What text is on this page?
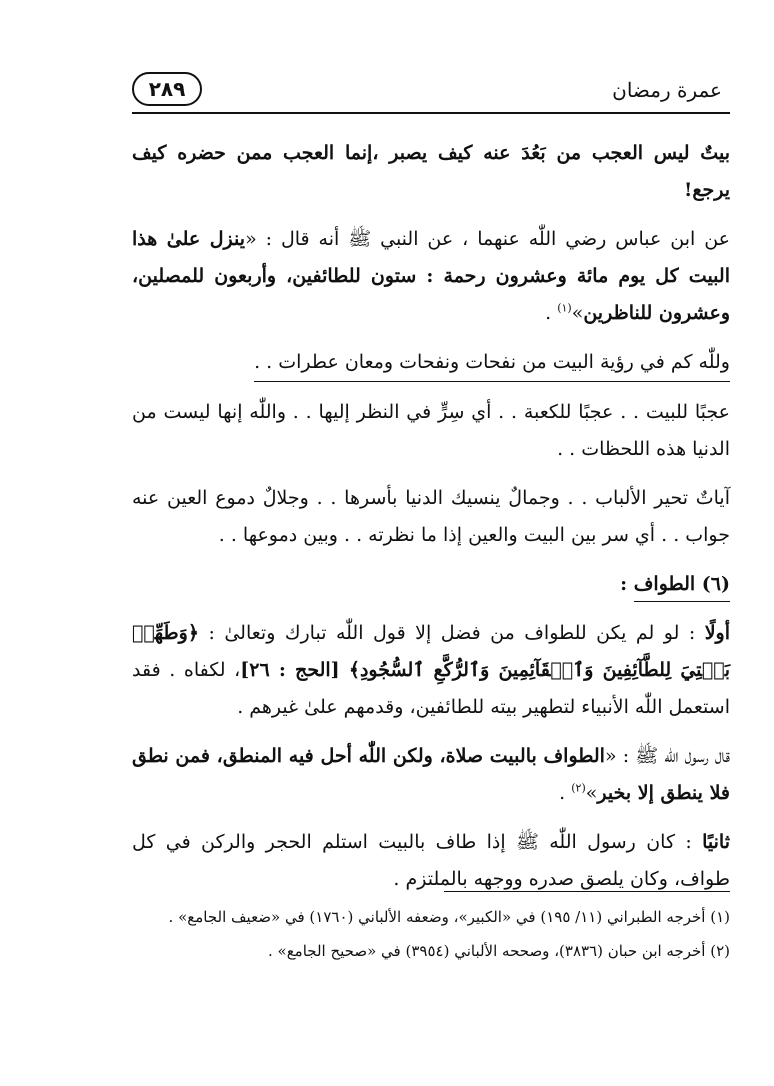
٢٨٩	عمرة رمضان

بيتٌ ليس العجب من بَعُدَ عنه كيف يصبر ،إنما العجب ممن حضره كيف يرجع!

عن ابن عباس رضي اللّٰه عنهما ، عن النبي ﷺ أنه قال : «ينزل علىٰ هذا البيت كل يوم مائة وعشرون رحمة : ستون للطائفين، وأربعون للمصلين، وعشرون للناظرين»$^{(١)}$ .

وللّٰه كم في رؤية البيت من نفحات ونفحات ومعان عطرات . .

عجبًا للبيت . . عجبًا للكعبة . . أي سِرٍّ في النظر إليها . . واللّٰه إنها ليست من الدنيا هذه اللحظات . .

آياتٌ تحير الألباب . . وجمالٌ ينسيك الدنيا بأسرها . . وجلالٌ دموع العين عنه جواب . . أي سر بين البيت والعين إذا ما نظرته . . وبين دموعها . .

(٦) الطواف :

أولًا : لو لم يكن للطواف من فضل إلا قول اللّٰه تبارك وتعالىٰ : ﴿وَطَهِّرۡ بَيۡتِيَ لِلطَّآئِفِينَ وَٱلۡقَآئِمِينَ وَٱلرُّكَّعِ ٱلسُّجُودِ﴾ [الحج : ٢٦]، لكفاه . فقد استعمل اللّٰه الأنبياء لتطهير بيته للطائفين، وقدمهم علىٰ غيرهم .

قال رسول اللّٰه ﷺ : «الطواف بالبيت صلاة، ولكن اللّٰه أحل فيه المنطق، فمن نطق فلا ينطق إلا بخير»$^{(٢)}$ .

ثانيًا : كان رسول اللّٰه ﷺ إذا طاف بالبيت استلم الحجر والركن في كل طواف، وكان يلصق صدره ووجهه بالملتزم .

(١) أخرجه الطبراني (١١/ ١٩٥) في «الكبير»، وضعفه الألباني (١٧٦٠) في «ضعيف الجامع» .

(٢) أخرجه ابن حبان (٣٨٣٦)، وصححه الألباني (٣٩٥٤) في «صحيح الجامع» .
